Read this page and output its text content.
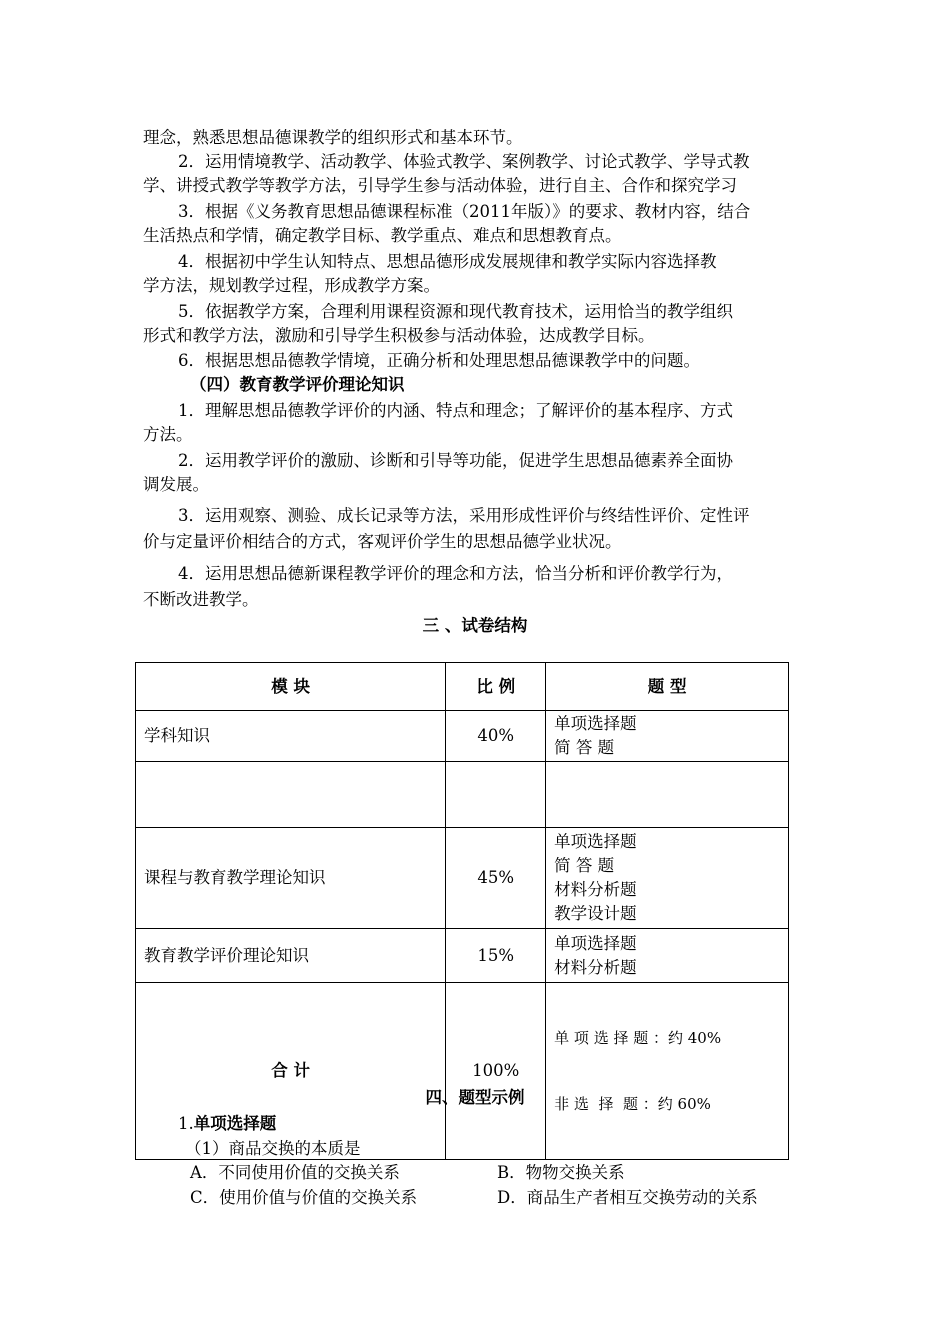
理念，熟悉思想品德课教学的组织形式和基本环节。
2．运用情境教学、活动教学、体验式教学、案例教学、讨论式教学、学导式教
学、讲授式教学等教学方法，引导学生参与活动体验，进行自主、合作和探究学习
3．根据《义务教育思想品德课程标准（2011年版）》的要求、教材内容，结合
生活热点和学情，确定教学目标、教学重点、难点和思想教育点。
4．根据初中学生认知特点、思想品德形成发展规律和教学实际内容选择教
学方法，规划教学过程，形成教学方案。
5．依据教学方案，合理利用课程资源和现代教育技术，运用恰当的教学组织
形式和教学方法，激励和引导学生积极参与活动体验，达成教学目标。
6．根据思想品德教学情境，正确分析和处理思想品德课教学中的问题。
（四）教育教学评价理论知识
1．理解思想品德教学评价的内涵、特点和理念；了解评价的基本程序、方式
方法。
2．运用教学评价的激励、诊断和引导等功能，促进学生思想品德素养全面协
调发展。
3．运用观察、测验、成长记录等方法，采用形成性评价与终结性评价、定性评
价与定量评价相结合的方式，客观评价学生的思想品德学业状况。
4．运用思想品德新课程教学评价的理念和方法，恰当分析和评价教学行为，
不断改进教学。
三 、试卷结构
模 块	比 例	题 型
学科知识	40%	单项选择题
简 答 题

课程与教育教学理论知识	45%	单项选择题
简 答 题
材料分析题
教学设计题

教育教学评价理论知识	15%	单项选择题
材料分析题

合 计	100%	单 项 选 择 题 ：约 40%

非 选  择  题 ：约 60%

四、题型示例
1.单项选择题
（1）商品交换的本质是
A．不同使用价值的交换关系	B．物物交换关系
C．使用价值与价值的交换关系	D．商品生产者相互交换劳动的关系
